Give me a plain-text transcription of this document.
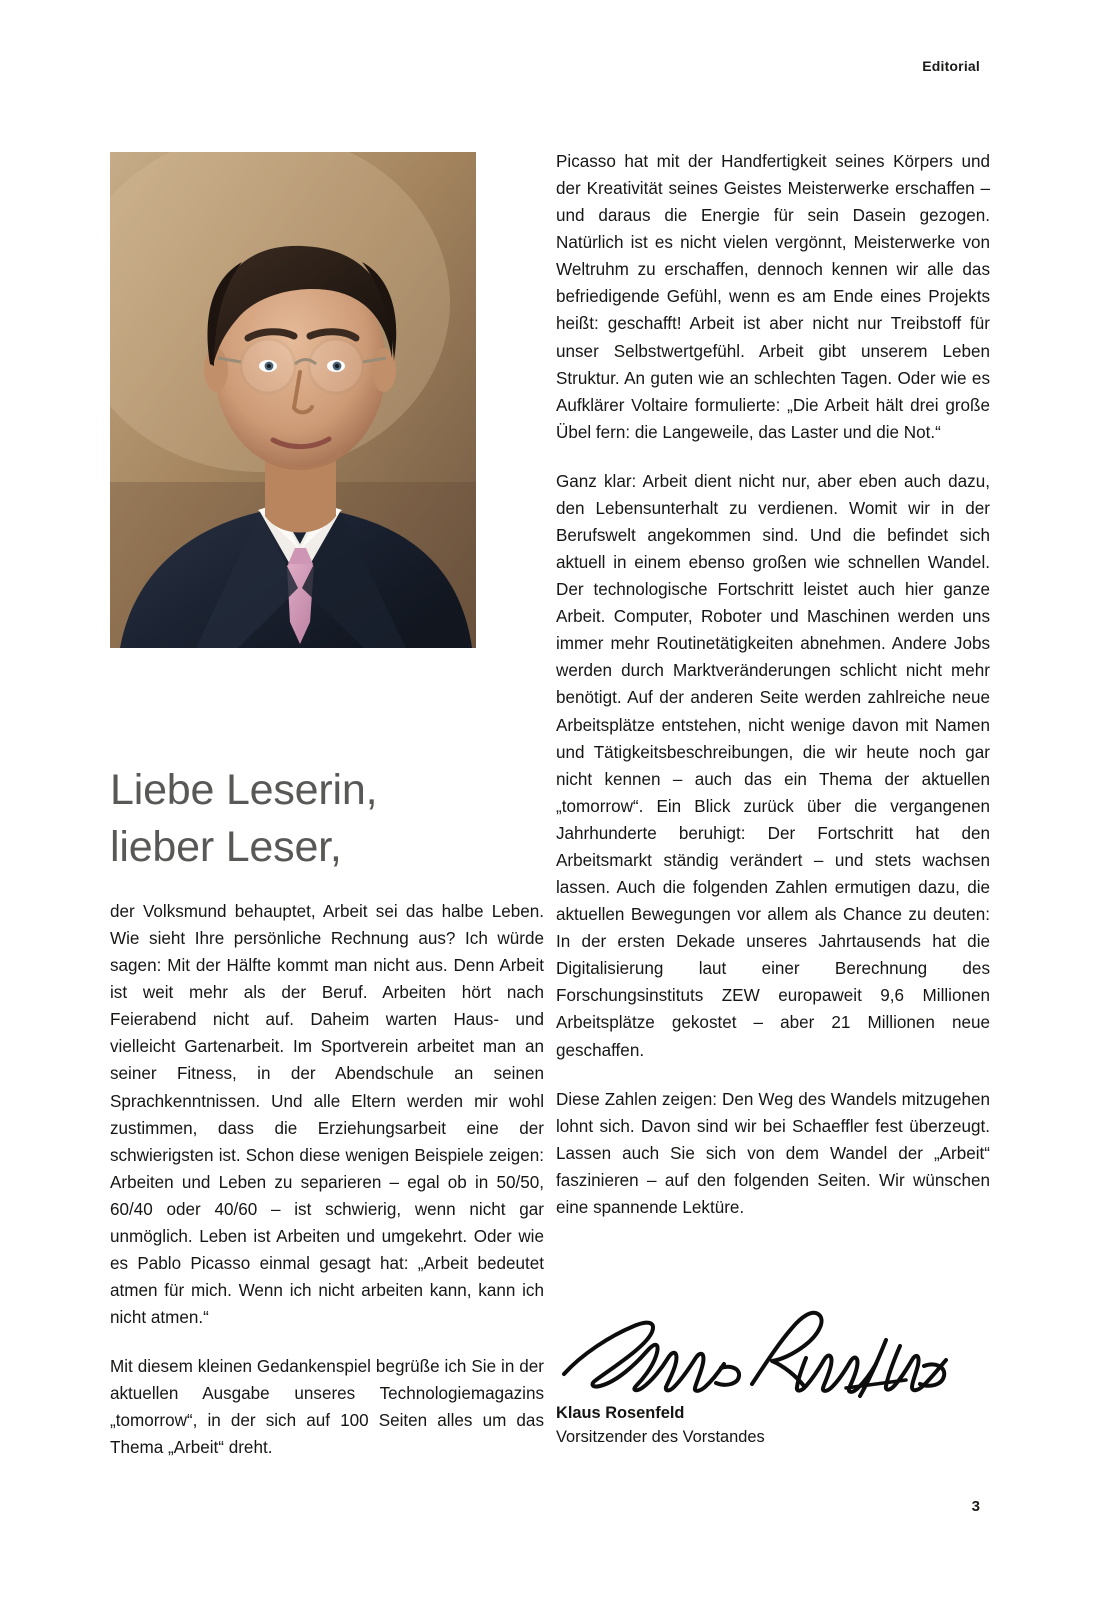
Editorial
Liebe Leserin,
lieber Leser,

der Volksmund behauptet, Arbeit sei das halbe Leben. Wie sieht Ihre persönliche Rechnung aus? Ich würde sagen: Mit der Hälfte kommt man nicht aus. Denn Arbeit ist weit mehr als der Beruf. Arbeiten hört nach Feierabend nicht auf. Daheim warten Haus- und vielleicht Gartenarbeit. Im Sportverein arbeitet man an seiner Fitness, in der Abendschule an seinen Sprachkenntnissen. Und alle Eltern werden mir wohl zustimmen, dass die Erziehungsarbeit eine der schwierigsten ist. Schon diese wenigen Beispiele zeigen: Arbeiten und Leben zu separieren – egal ob in 50/50, 60/40 oder 40/60 – ist schwierig, wenn nicht gar unmöglich. Leben ist Arbeiten und umgekehrt. Oder wie es Pablo Picasso einmal gesagt hat: „Arbeit bedeutet atmen für mich. Wenn ich nicht arbeiten kann, kann ich nicht atmen.“

Mit diesem kleinen Gedankenspiel begrüße ich Sie in der aktuellen Ausgabe unseres Technologiemagazins „tomorrow“, in der sich auf 100 Seiten alles um das Thema „Arbeit“ dreht.

Picasso hat mit der Handfertigkeit seines Körpers und der Kreativität seines Geistes Meisterwerke erschaffen – und daraus die Energie für sein Dasein gezogen. Natürlich ist es nicht vielen vergönnt, Meisterwerke von Weltruhm zu erschaffen, dennoch kennen wir alle das befriedigende Gefühl, wenn es am Ende eines Projekts heißt: geschafft! Arbeit ist aber nicht nur Treibstoff für unser Selbstwertgefühl. Arbeit gibt unserem Leben Struktur. An guten wie an schlechten Tagen. Oder wie es Aufklärer Voltaire formulierte: „Die Arbeit hält drei große Übel fern: die Langeweile, das Laster und die Not.“

Ganz klar: Arbeit dient nicht nur, aber eben auch dazu, den Lebensunterhalt zu verdienen. Womit wir in der Berufswelt angekommen sind. Und die befindet sich aktuell in einem ebenso großen wie schnellen Wandel. Der technologische Fortschritt leistet auch hier ganze Arbeit. Computer, Roboter und Maschinen werden uns immer mehr Routinetätigkeiten abnehmen. Andere Jobs werden durch Marktveränderungen schlicht nicht mehr benötigt. Auf der anderen Seite werden zahlreiche neue Arbeitsplätze entstehen, nicht wenige davon mit Namen und Tätigkeitsbeschreibungen, die wir heute noch gar nicht kennen – auch das ein Thema der aktuellen „tomorrow“. Ein Blick zurück über die vergangenen Jahrhunderte beruhigt: Der Fortschritt hat den Arbeitsmarkt ständig verändert – und stets wachsen lassen. Auch die folgenden Zahlen ermutigen dazu, die aktuellen Bewegungen vor allem als Chance zu deuten: In der ersten Dekade unseres Jahrtausends hat die Digitalisierung laut einer Berechnung des Forschungsinstituts ZEW europaweit 9,6 Millionen Arbeitsplätze gekostet – aber 21 Millionen neue geschaffen.

Diese Zahlen zeigen: Den Weg des Wandels mitzugehen lohnt sich. Davon sind wir bei Schaeffler fest überzeugt. Lassen auch Sie sich von dem Wandel der „Arbeit“ faszinieren – auf den folgenden Seiten. Wir wünschen eine spannende Lektüre.

Klaus Rosenfeld
Vorsitzender des Vorstandes
3
